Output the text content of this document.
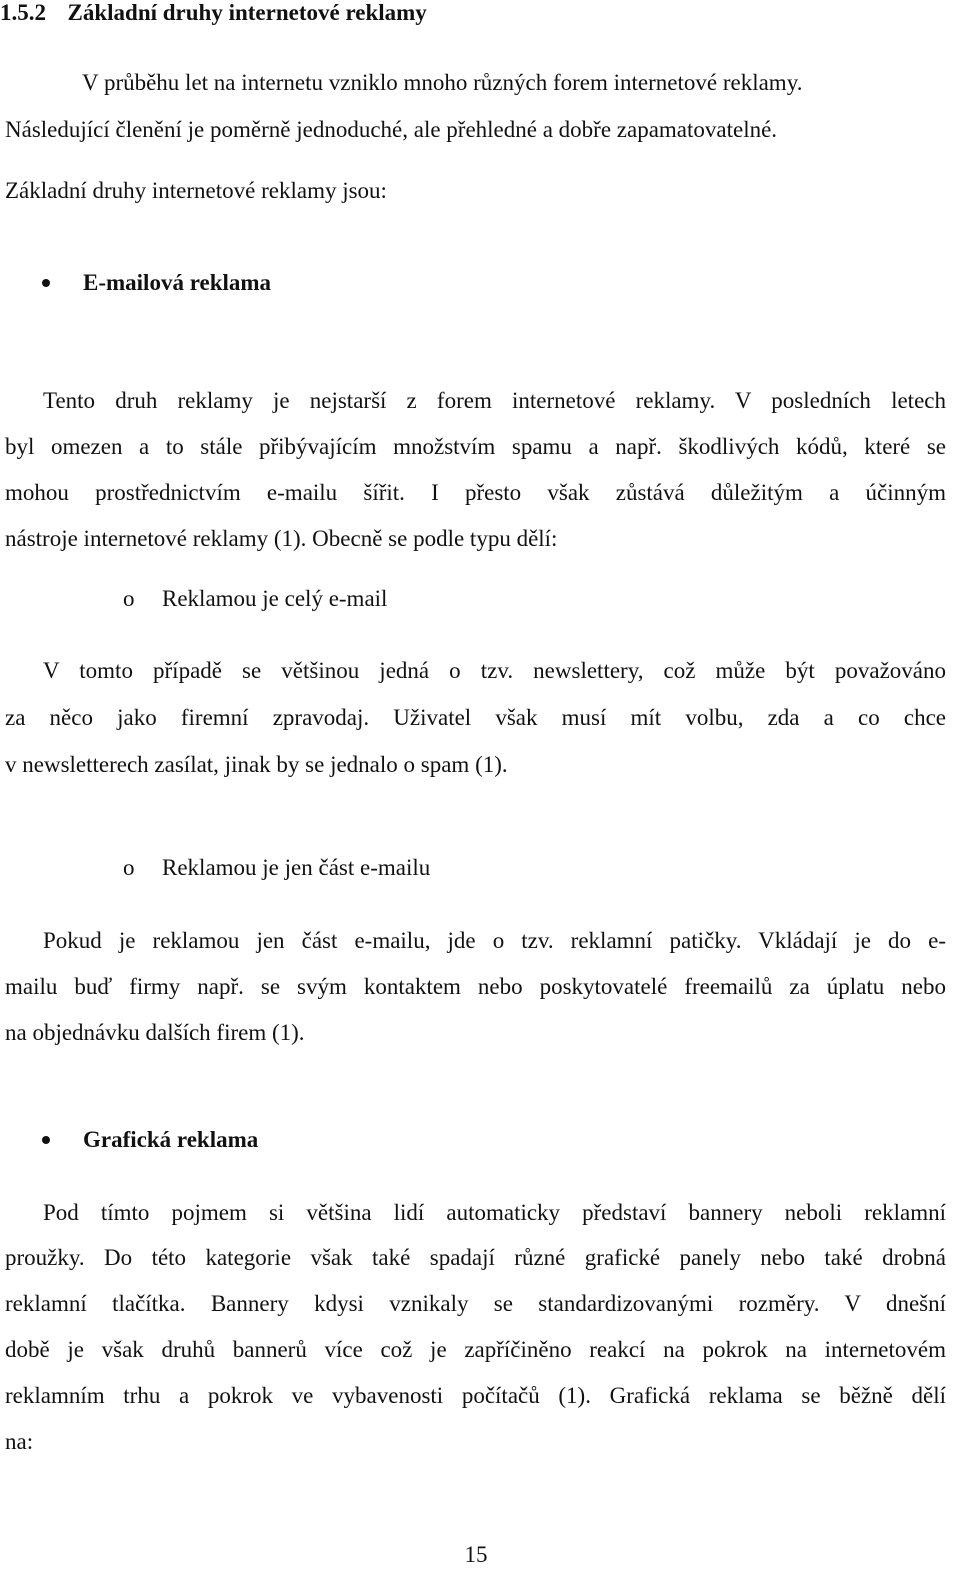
1.5.2 Základní druhy internetové reklamy
V průběhu let na internetu vzniklo mnoho různých forem internetové reklamy.
Následující členění je poměrně jednoduché, ale přehledné a dobře zapamatovatelné.
Základní druhy internetové reklamy jsou:
E-mailová reklama
Tento druh reklamy je nejstarší z forem internetové reklamy. V posledních letech
byl omezen a to stále přibývajícím množstvím spamu a např. škodlivých kódů, které se
mohou prostřednictvím e-mailu šířit. I přesto však zůstává důležitým a účinným
nástroje internetové reklamy (1). Obecně se podle typu dělí:
o Reklamou je celý e-mail
V tomto případě se většinou jedná o tzv. newslettery, což může být považováno
za něco jako firemní zpravodaj. Uživatel však musí mít volbu, zda a co chce
v newsletterech zasílat, jinak by se jednalo o spam (1).
o Reklamou je jen část e-mailu
Pokud je reklamou jen část e-mailu, jde o tzv. reklamní patičky. Vkládají je do e-
mailu buď firmy např. se svým kontaktem nebo poskytovatelé freemailů za úplatu nebo
na objednávku dalších firem (1).
Grafická reklama
Pod tímto pojmem si většina lidí automaticky představí bannery neboli reklamní
proužky. Do této kategorie však také spadají různé grafické panely nebo také drobná
reklamní tlačítka. Bannery kdysi vznikaly se standardizovanými rozměry. V dnešní
době je však druhů bannerů více což je zapříčiněno reakcí na pokrok na internetovém
reklamním trhu a pokrok ve vybavenosti počítačů (1). Grafická reklama se běžně dělí
na:
15
